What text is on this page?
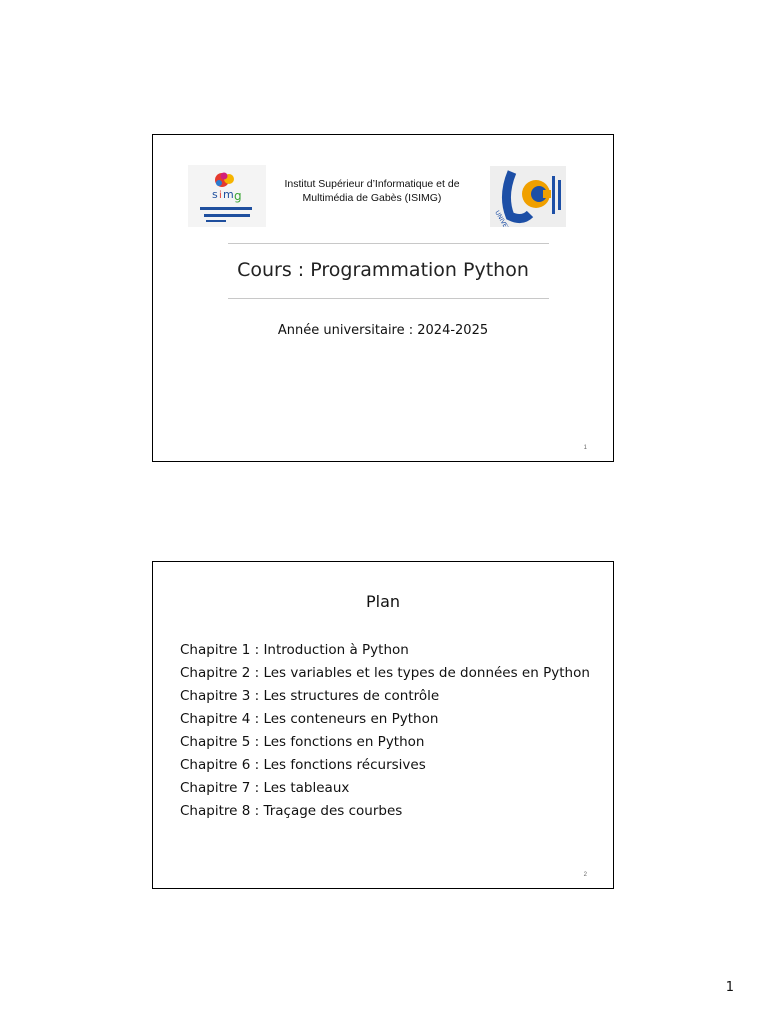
s i m g
Institut Supérieur d’Informatique et de Multimédia de Gabès (ISIMG)
UNIVERSITE
Cours : Programmation Python
Année universitaire : 2024-2025
1
Plan
Chapitre 1 : Introduction à Python
Chapitre 2 : Les variables et les types de données en Python
Chapitre 3 : Les structures de contrôle
Chapitre 4 : Les conteneurs en Python
Chapitre 5 : Les fonctions en Python
Chapitre 6 : Les fonctions récursives
Chapitre 7 : Les tableaux
Chapitre 8 : Traçage des courbes
2
1
